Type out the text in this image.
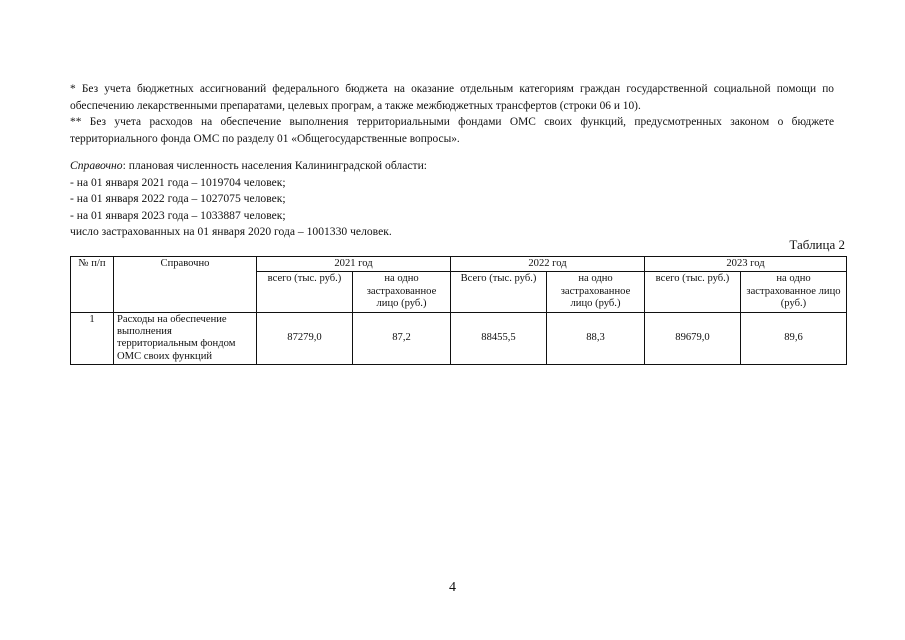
* Без учета бюджетных ассигнований федерального бюджета на оказание отдельным категориям граждан государственной социальной помощи по обеспечению лекарственными препаратами, целевых програм, а также межбюджетных трансфертов (строки 06 и 10).

** Без учета расходов на обеспечение выполнения территориальными фондами ОМС своих функций, предусмотренных законом о бюджете территориального фонда ОМС по разделу 01 «Общегосударственные вопросы».

Справочно: плановая численность населения Калининградской области:

- на 01 января 2021 года – 1019704 человек;

- на 01 января 2022 года – 1027075 человек;

- на 01 января 2023 года – 1033887 человек;

число застрахованных на 01 января 2020 года – 1001330 человек.

Таблица 2
№ п/п	Справочно	2021 год		2022 год		2023 год	
		всего (тыс. руб.)	на одно застрахованное лицо (руб.)	Всего (тыс. руб.)	на одно застрахованное лицо (руб.)	всего (тыс. руб.)	на одно застрахованное лицо (руб.)
1	Расходы на обеспечение выполнения территориальным фондом ОМС своих функций	87279,0	87,2	88455,5	88,3	89679,0	89,6
4
